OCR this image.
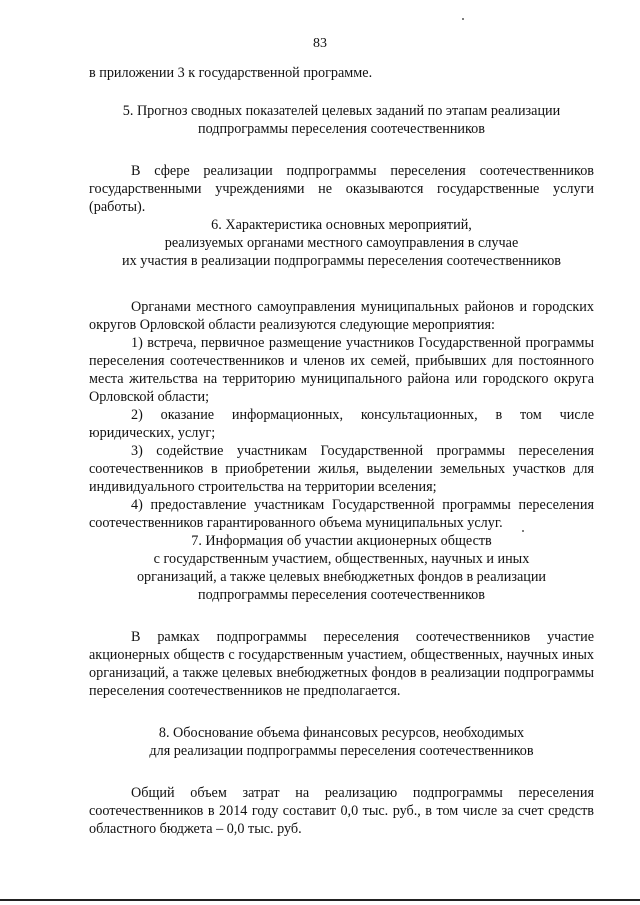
83

в приложении 3 к государственной программе.

5. Прогноз сводных показателей целевых заданий по этапам реализации

подпрограммы переселения соотечественников

В сфере реализации подпрограммы переселения соотечественников государственными учреждениями не оказываются государственные услуги (работы).

6. Характеристика основных мероприятий,

реализуемых органами местного самоуправления в случае

их участия в реализации подпрограммы переселения соотечественников

Органами местного самоуправления муниципальных районов и городских округов Орловской области реализуются следующие мероприятия:

1) встреча, первичное размещение участников Государственной программы переселения соотечественников и членов их семей, прибывших для постоянного места жительства на территорию муниципального района или городского округа Орловской области;

2) оказание информационных, консультационных, в том числе юридических, услуг;

3) содействие участникам Государственной программы переселения соотечественников в приобретении жилья, выделении земельных участков для индивидуального строительства на территории вселения;

4) предоставление участникам Государственной программы переселения соотечественников гарантированного объема муниципальных услуг.

7. Информация об участии акционерных обществ

с государственным участием, общественных, научных и иных

организаций, а также целевых внебюджетных фондов в реализации

подпрограммы переселения соотечественников

В рамках подпрограммы переселения соотечественников участие акционерных обществ с государственным участием, общественных, научных иных организаций, а также целевых внебюджетных фондов в реализации подпрограммы переселения соотечественников не предполагается.

8. Обоснование объема финансовых ресурсов, необходимых

для реализации подпрограммы переселения соотечественников

Общий объем затрат на реализацию подпрограммы переселения соотечественников в 2014 году составит 0,0 тыс. руб., в том числе за счет средств областного бюджета – 0,0 тыс. руб.
